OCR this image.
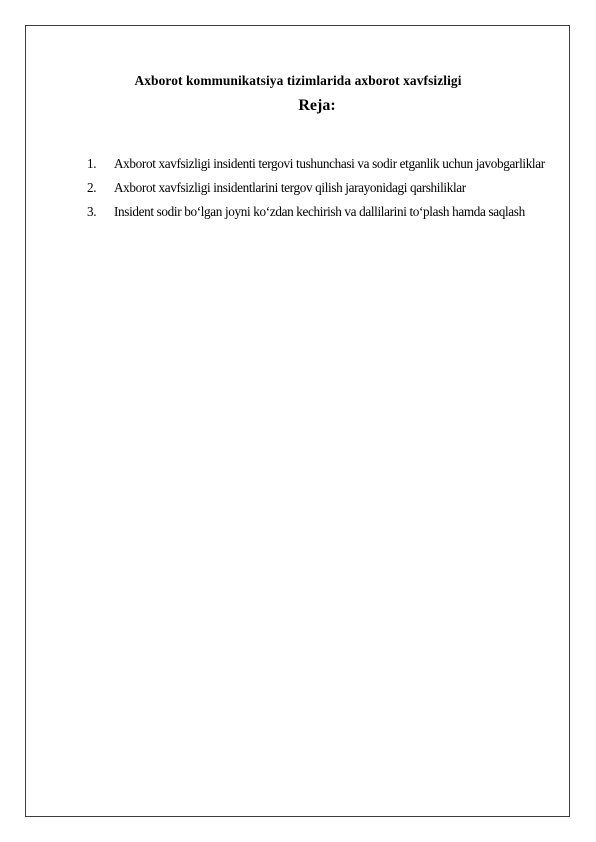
Axborot kommunikatsiya tizimlarida axborot xavfsizligi
Reja:
1. Axborot xavfsizligi insidenti tergovi tushunchasi va sodir etganlik uchun javobgarliklar
2. Axborot xavfsizligi insidentlarini tergov qilish jarayonidagi qarshiliklar
3. Insident sodir bo‘lgan joyni ko‘zdan kechirish va dallilarini to‘plash hamda saqlash
